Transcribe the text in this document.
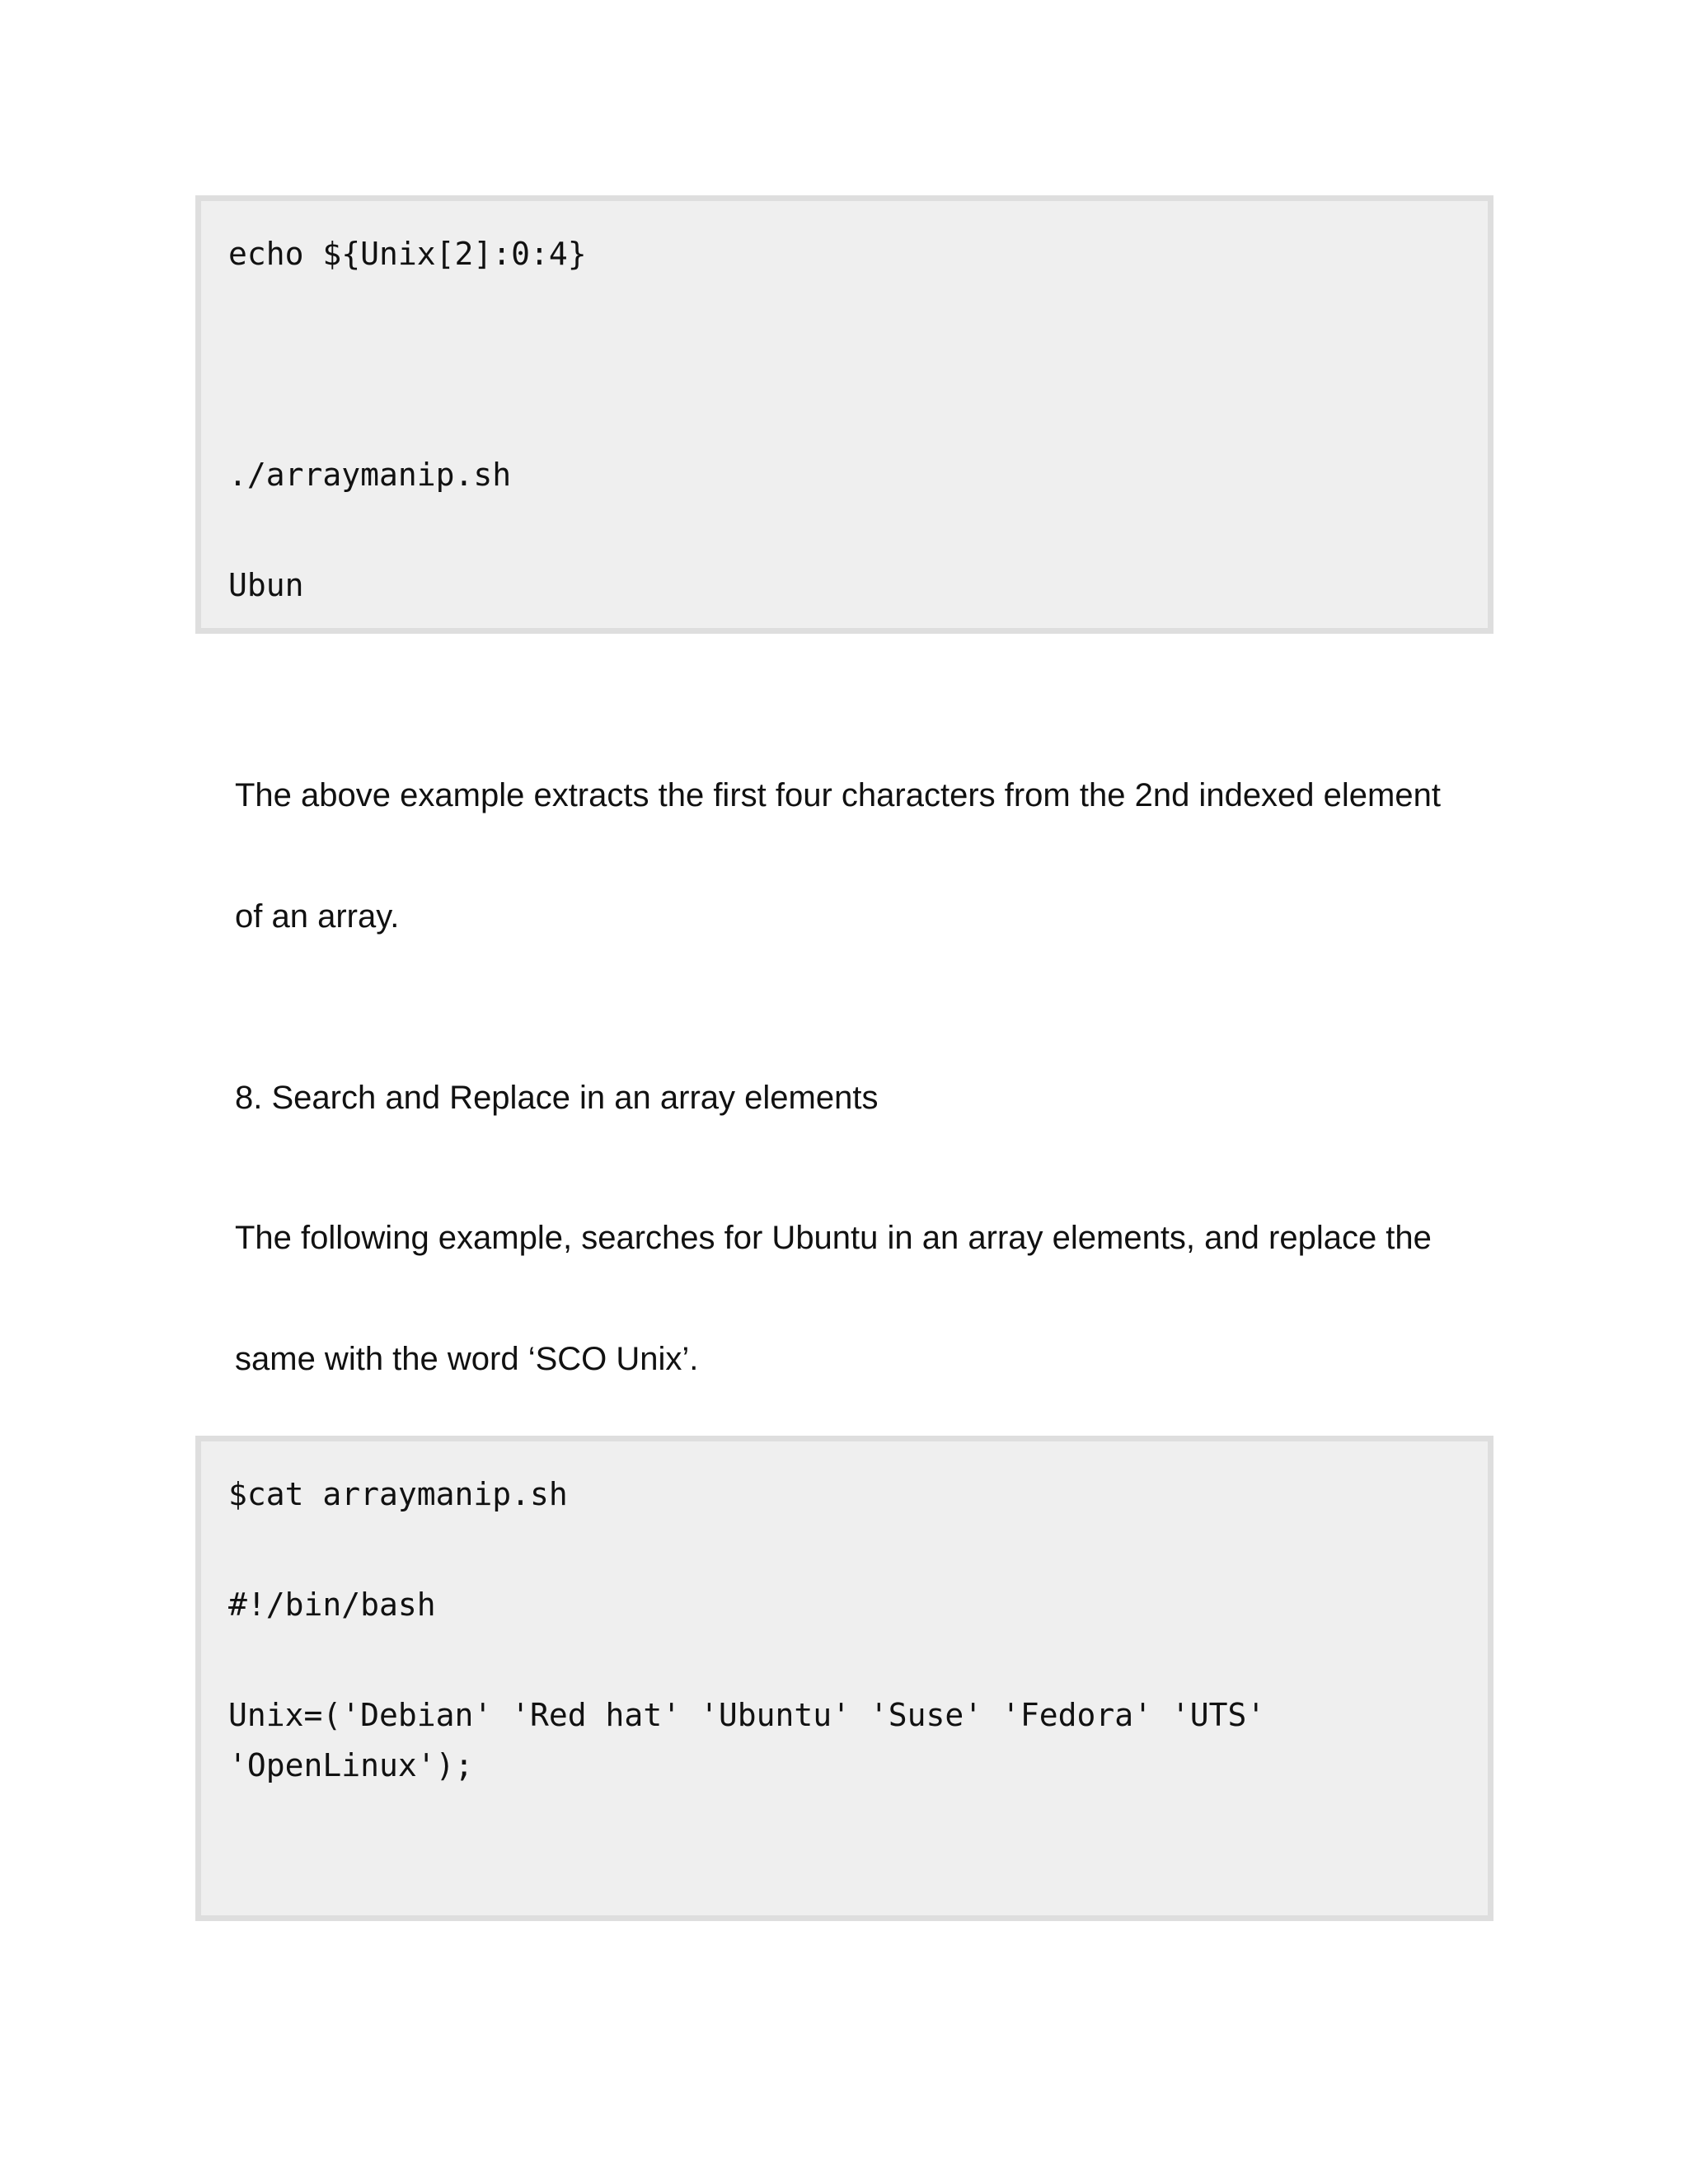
echo ${Unix[2]:0:4}
./arraymanip.sh
Ubun
The above example extracts the first four characters from the 2nd indexed element
of an array.
8. Search and Replace in an array elements
The following example, searches for Ubuntu in an array elements, and replace the
same with the word ‘SCO Unix’.
$cat arraymanip.sh
#!/bin/bash
Unix=('Debian' 'Red hat' 'Ubuntu' 'Suse' 'Fedora' 'UTS'
'OpenLinux');
